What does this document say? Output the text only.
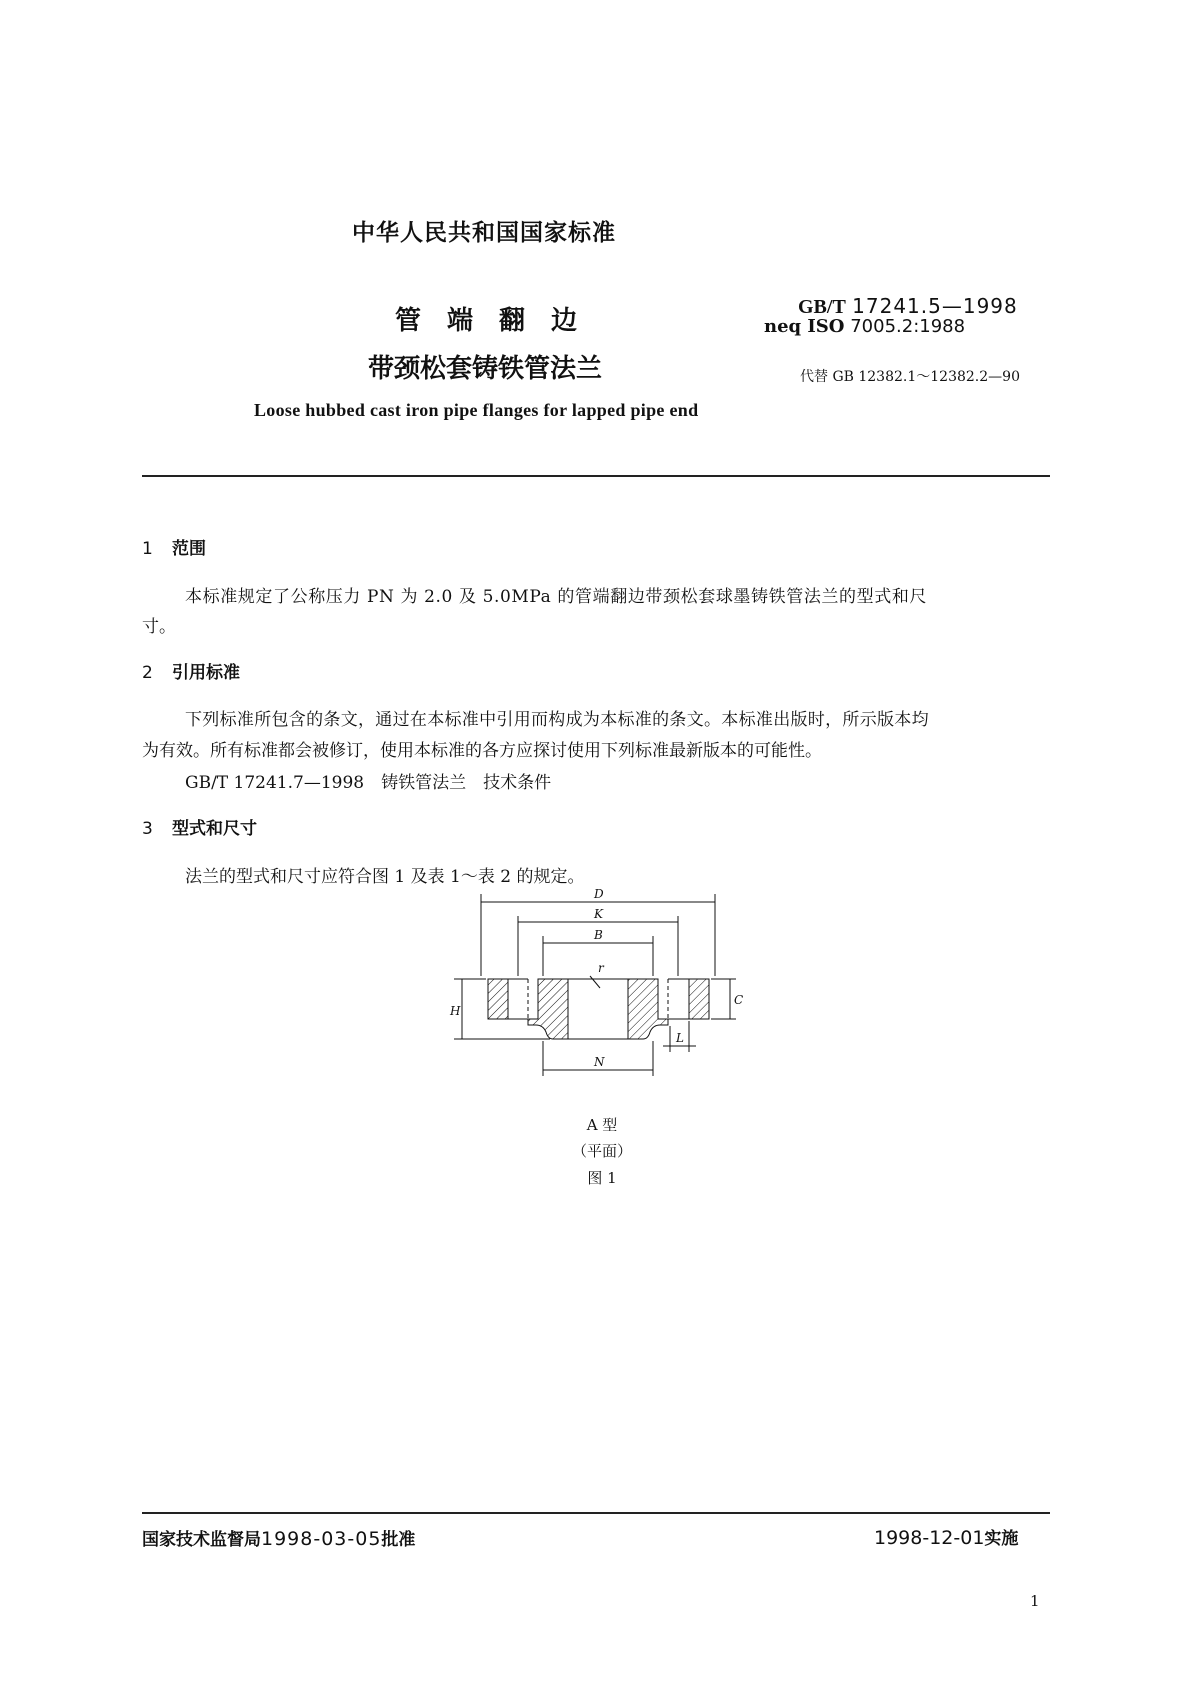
中华人民共和国国家标准
管　端　翻　边
带颈松套铸铁管法兰
GB/T 17241.5—1998
neq ISO 7005.2:1988
代替 GB 12382.1～12382.2—90
Loose hubbed cast iron pipe flanges for lapped pipe end
1 范围
本标准规定了公称压力 PN 为 2.0 及 5.0MPa 的管端翻边带颈松套球墨铸铁管法兰的型式和尺
寸。
2 引用标准
下列标准所包含的条文，通过在本标准中引用而构成为本标准的条文。本标准出版时，所示版本均
为有效。所有标准都会被修订，使用本标准的各方应探讨使用下列标准最新版本的可能性。
GB/T 17241.7—1998　铸铁管法兰　技术条件
3 型式和尺寸
法兰的型式和尺寸应符合图 1 及表 1～表 2 的规定。
D
K
B
r
H
C
L
N
A 型
（平面）
图 1
国家技术监督局1998-03-05批准	1998-12-01实施
1
